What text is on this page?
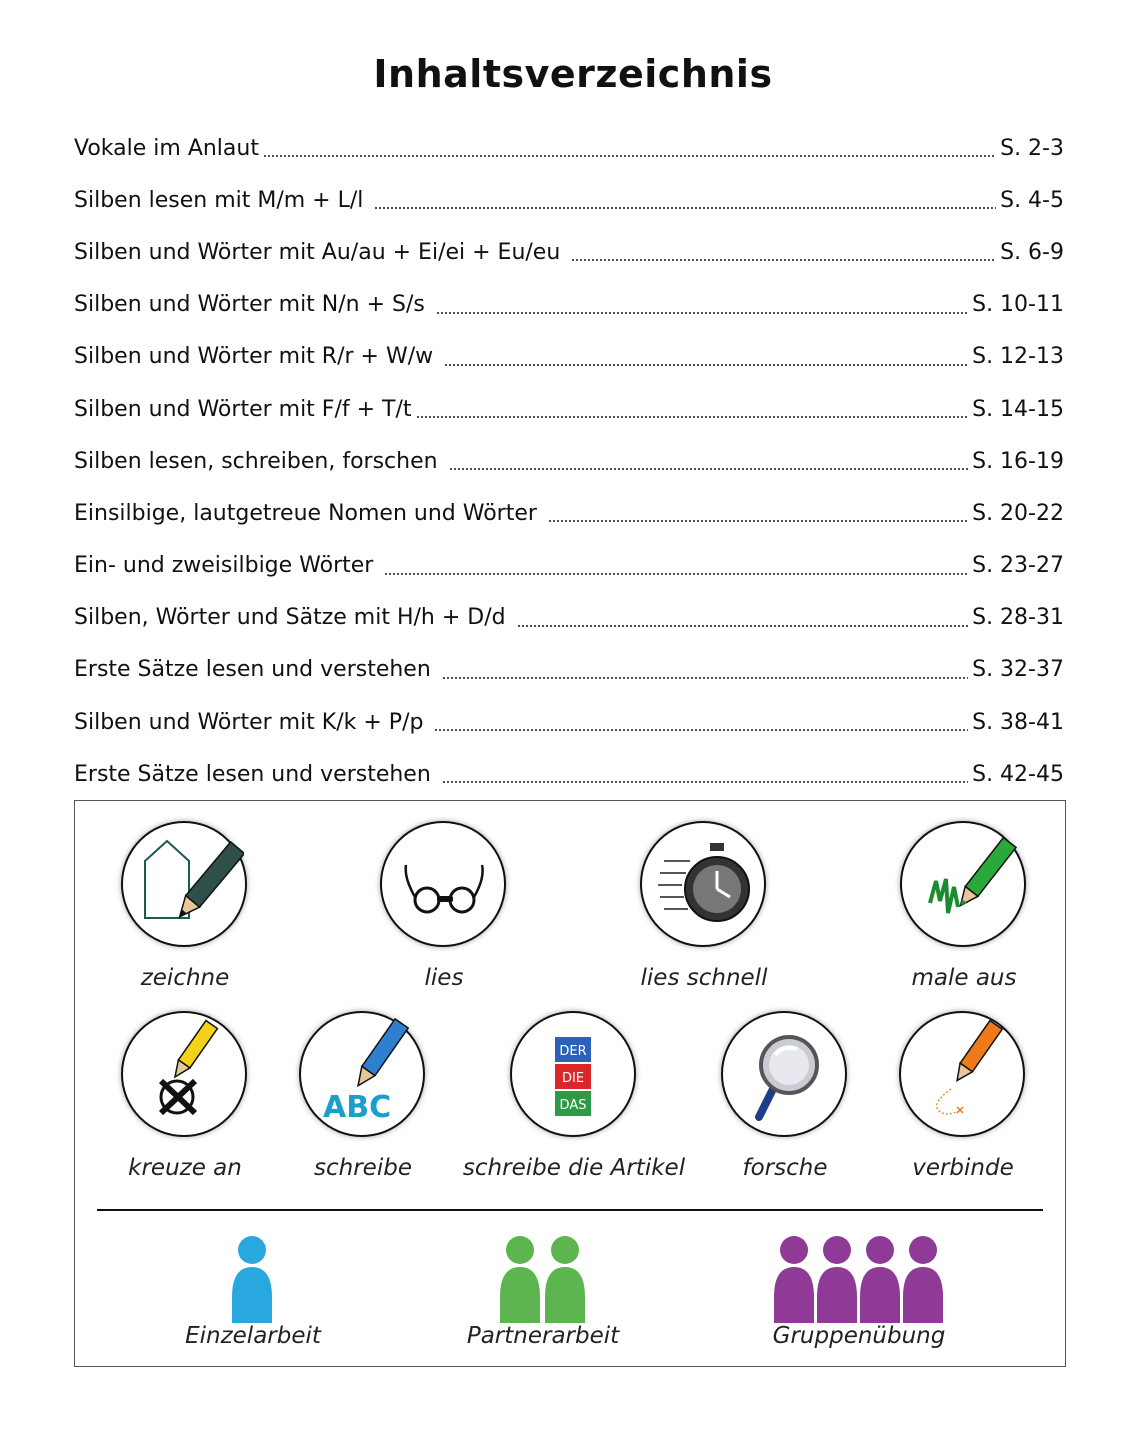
Inhaltsverzeichnis
Vokale im Anlaut	S. 2-3
Silben lesen mit M/m + L/l	S. 4-5
Silben und Wörter mit Au/au + Ei/ei + Eu/eu	S. 6-9
Silben und Wörter mit N/n + S/s	S. 10-11
Silben und Wörter mit R/r + W/w	S. 12-13
Silben und Wörter mit F/f + T/t	S. 14-15
Silben lesen, schreiben, forschen	S. 16-19
Einsilbige, lautgetreue Nomen und Wörter	S. 20-22
Ein- und zweisilbige Wörter	S. 23-27
Silben, Wörter und Sätze mit H/h + D/d	S. 28-31
Erste Sätze lesen und verstehen	S. 32-37
Silben und Wörter mit K/k + P/p	S. 38-41
Erste Sätze lesen und verstehen	S. 42-45
zeichne	lies	lies schnell	male aus
ABC
DER
DIE
DAS
kreuze an	schreibe	schreibe die Artikel	forsche	verbinde
Einzelarbeit	Partnerarbeit	Gruppenübung
